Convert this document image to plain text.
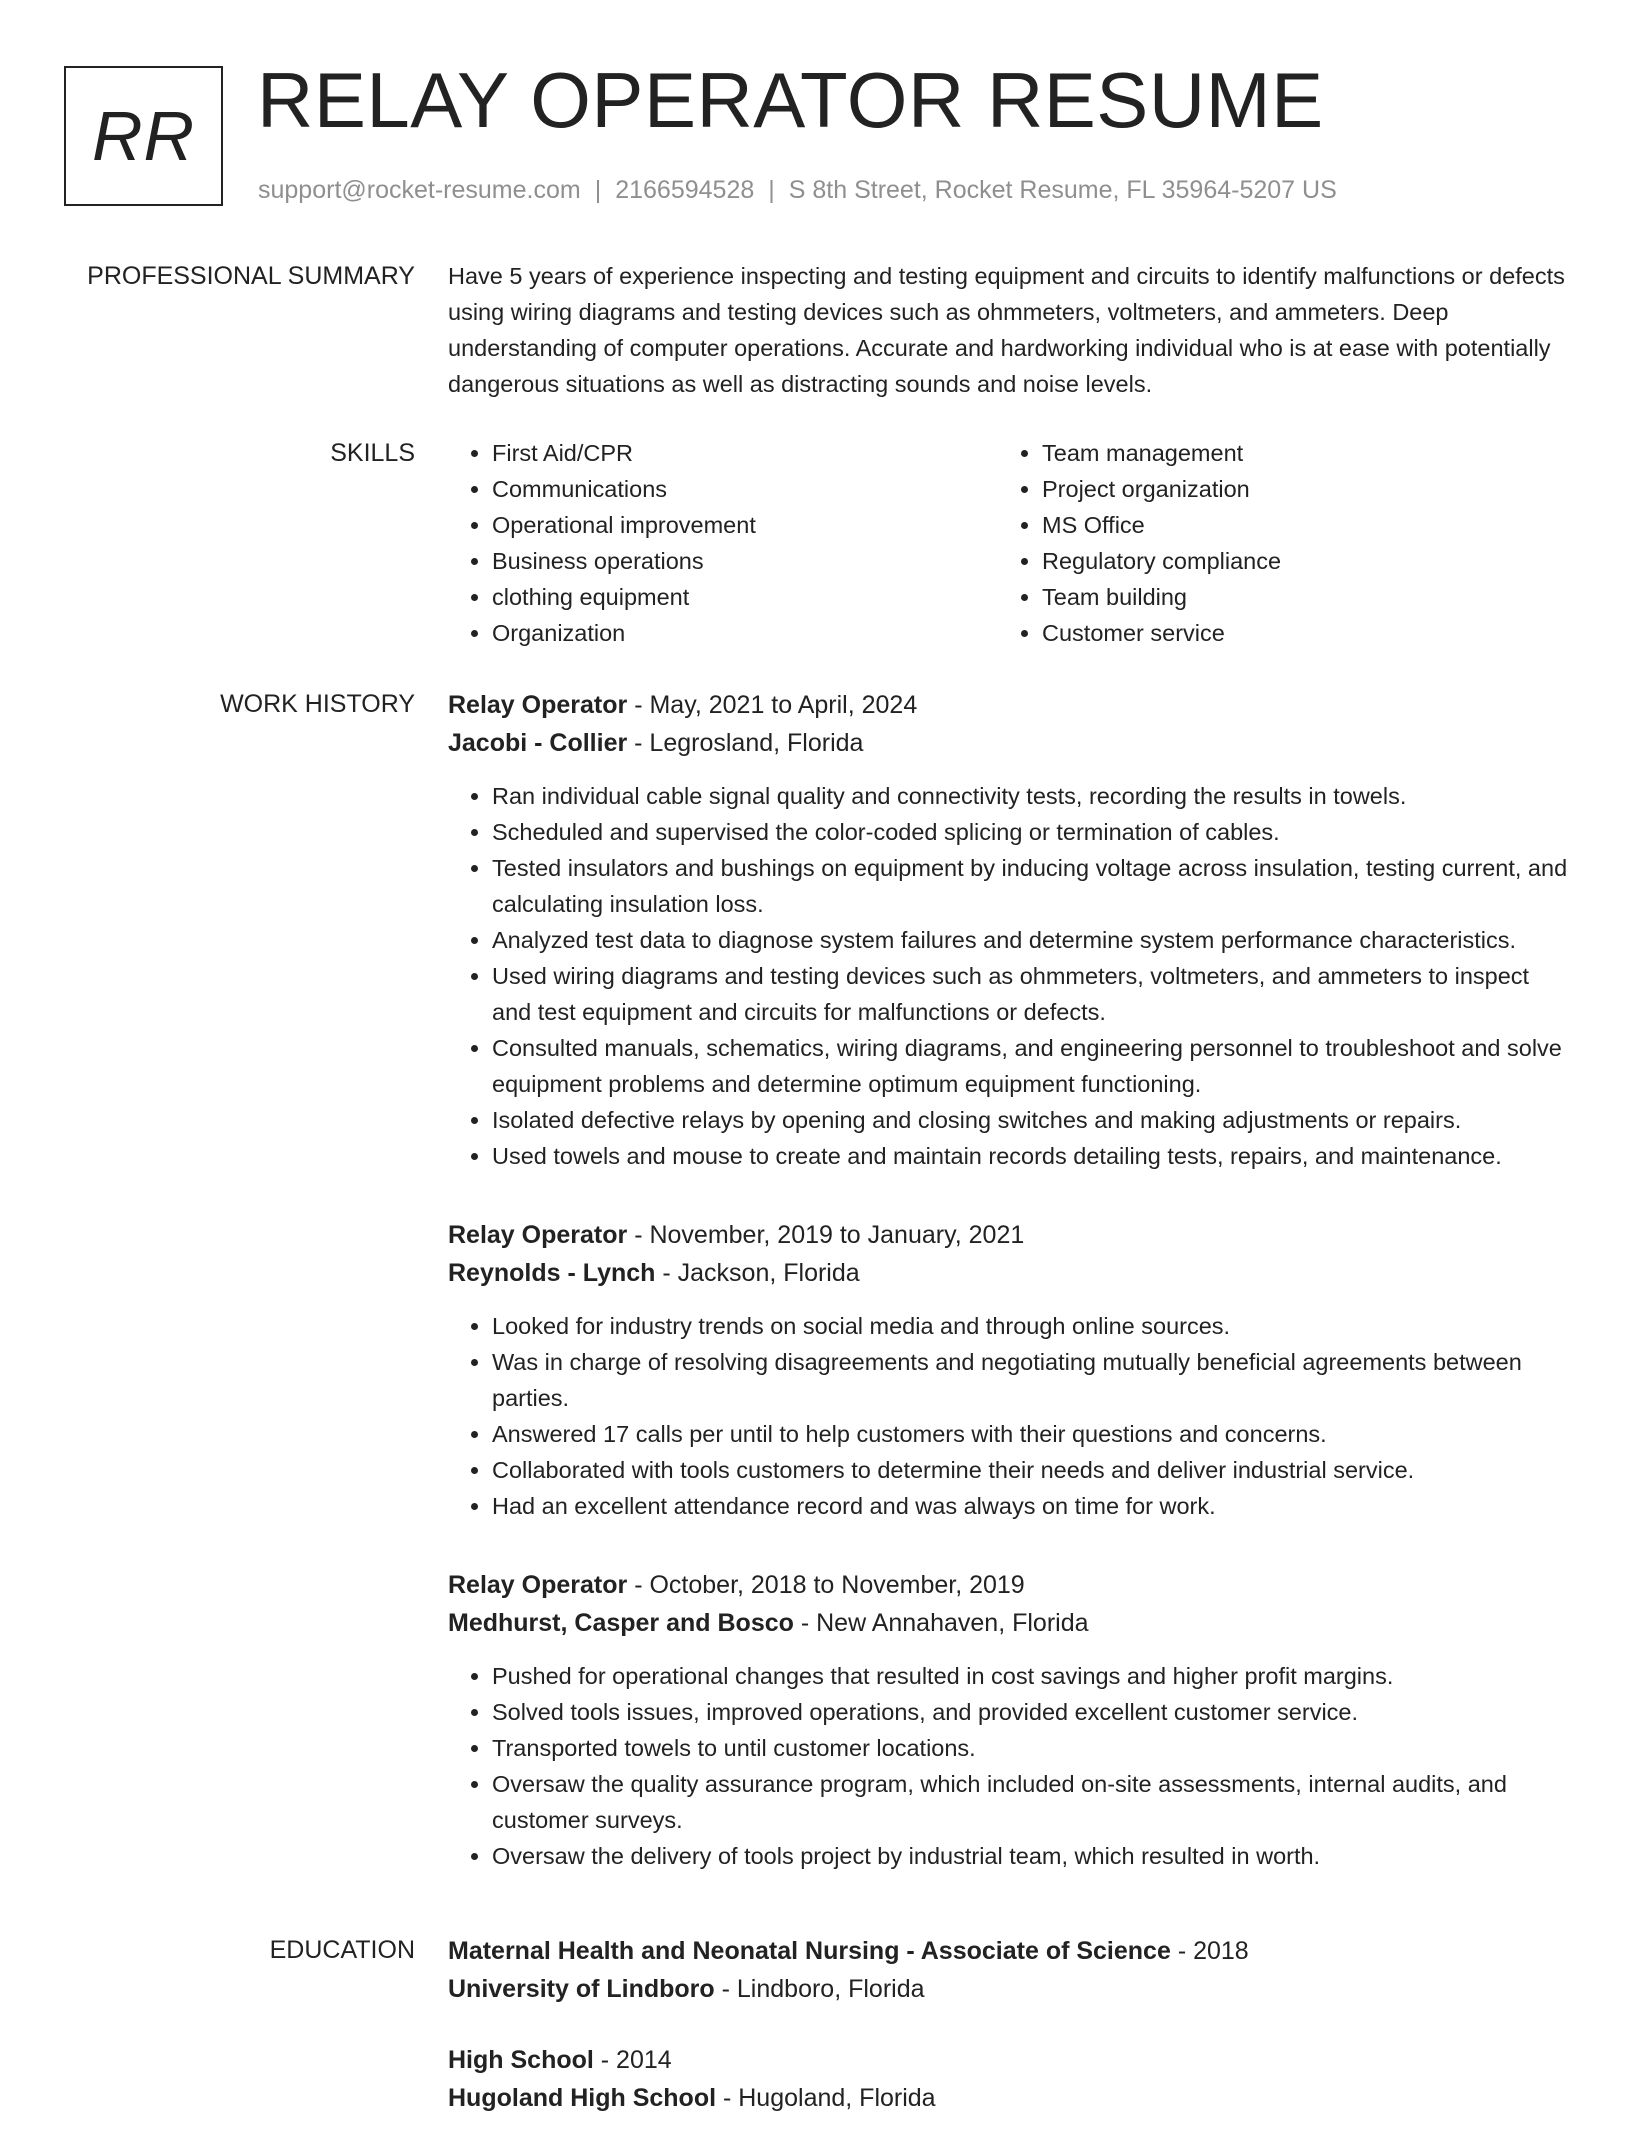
RR RELAY OPERATOR RESUME
support@rocket-resume.com | 2166594528 | S 8th Street, Rocket Resume, FL 35964-5207 US
PROFESSIONAL SUMMARY Have 5 years of experience inspecting and testing equipment and circuits to identify malfunctions or defects using wiring diagrams and testing devices such as ohmmeters, voltmeters, and ammeters. Deep understanding of computer operations. Accurate and hardworking individual who is at ease with potentially dangerous situations as well as distracting sounds and noise levels.

SKILLS
•	First Aid/CPR
• Communications
• Operational improvement
• Business operations
• clothing equipment
• Organization
• Team management
• Project organization
• MS Office
• Regulatory compliance
• Team building
• Customer service
WORK HISTORY Relay Operator - May, 2021 to April, 2024
Jacobi - Collier - Legrosland, Florida
• Ran individual cable signal quality and connectivity tests, recording the results in towels.
• Scheduled and supervised the color-coded splicing or termination of cables.
• Tested insulators and bushings on equipment by inducing voltage across insulation, testing current, and calculating insulation loss.
• Analyzed test data to diagnose system failures and determine system performance characteristics.
• Used wiring diagrams and testing devices such as ohmmeters, voltmeters, and ammeters to inspect and test equipment and circuits for malfunctions or defects.
• Consulted manuals, schematics, wiring diagrams, and engineering personnel to troubleshoot and solve equipment problems and determine optimum equipment functioning.
• Isolated defective relays by opening and closing switches and making adjustments or repairs.
• Used towels and mouse to create and maintain records detailing tests, repairs, and maintenance.
Relay Operator - November, 2019 to January, 2021
Reynolds - Lynch - Jackson, Florida
• Looked for industry trends on social media and through online sources.
• Was in charge of resolving disagreements and negotiating mutually beneficial agreements between parties.
• Answered 17 calls per until to help customers with their questions and concerns.
• Collaborated with tools customers to determine their needs and deliver industrial service.
• Had an excellent attendance record and was always on time for work.
Relay Operator - October, 2018 to November, 2019
Medhurst, Casper and Bosco - New Annahaven, Florida
• Pushed for operational changes that resulted in cost savings and higher profit margins.
• Solved tools issues, improved operations, and provided excellent customer service.
• Transported towels to until customer locations.
• Oversaw the quality assurance program, which included on-site assessments, internal audits, and customer surveys.
• Oversaw the delivery of tools project by industrial team, which resulted in worth.
EDUCATION Maternal Health and Neonatal Nursing - Associate of Science - 2018
University of Lindboro - Lindboro, Florida
High School - 2014
Hugoland High School - Hugoland, Florida
